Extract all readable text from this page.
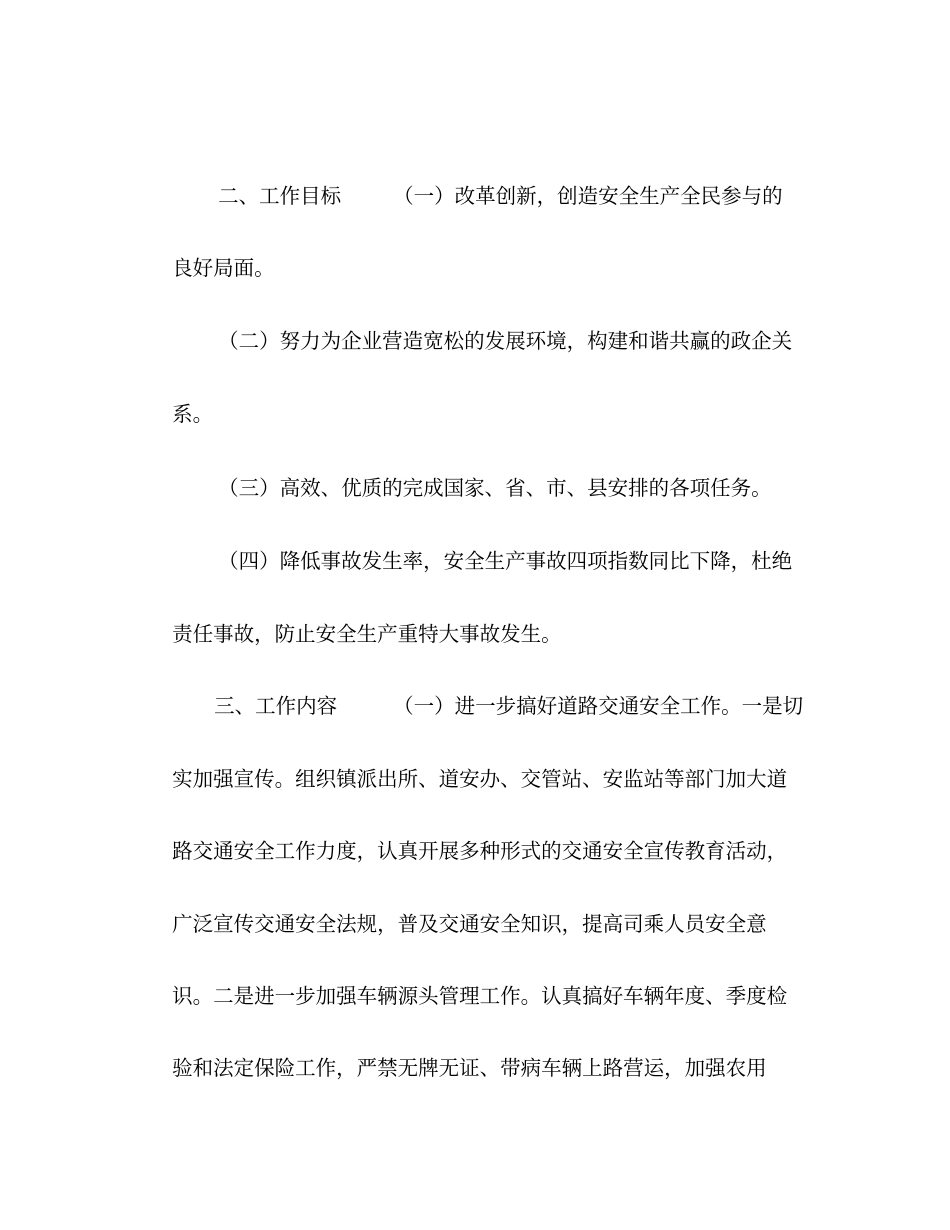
二、工作目标	（一）改革创新，创造安全生产全民参与的

良好局面。

（二）努力为企业营造宽松的发展环境，构建和谐共赢的政企关

系。

（三）高效、优质的完成国家、省、市、县安排的各项任务。

（四）降低事故发生率，安全生产事故四项指数同比下降，杜绝

责任事故，防止安全生产重特大事故发生。

三、工作内容	（一）进一步搞好道路交通安全工作。一是切

实加强宣传。组织镇派出所、道安办、交管站、安监站等部门加大道

路交通安全工作力度，认真开展多种形式的交通安全宣传教育活动，

广泛宣传交通安全法规，普及交通安全知识，提高司乘人员安全意

识。二是进一步加强车辆源头管理工作。认真搞好车辆年度、季度检

验和法定保险工作，严禁无牌无证、带病车辆上路营运，加强农用
